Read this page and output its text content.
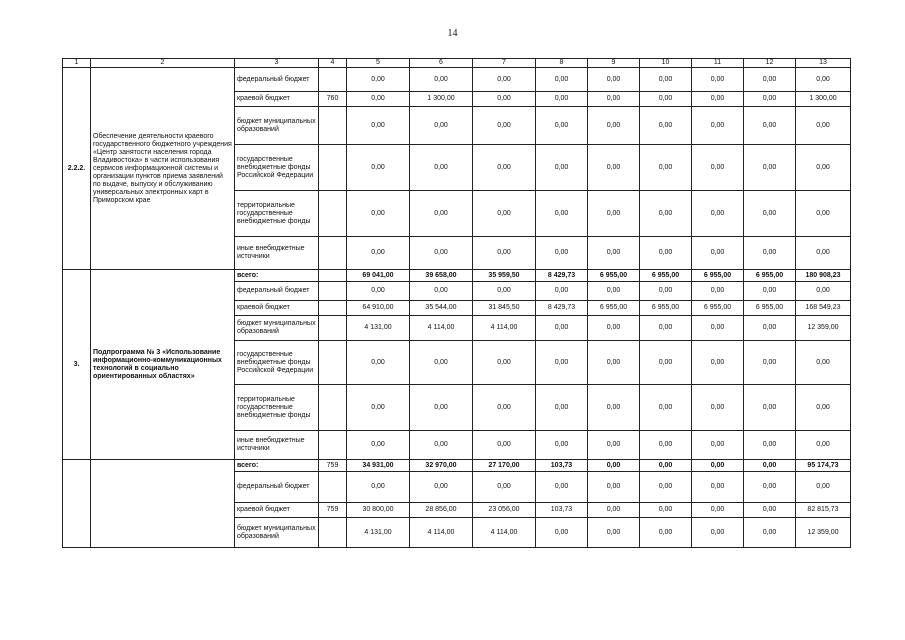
14
1	2	3	4	5	6	7	8	9	10	11	12	13
2.2.2.	Обеспечение деятельности краевого государственного бюджетного учреждения «Центр занятости населения города Владивостока» в части использования сервисов информационной системы и организации пунктов приема заявлений по выдаче, выпуску и обслуживанию универсальных электронных карт в Приморском крае	федеральный бюджет		0,00	0,00	0,00	0,00	0,00	0,00	0,00	0,00	0,00
		краевой бюджет	760	0,00	1 300,00	0,00	0,00	0,00	0,00	0,00	0,00	1 300,00
		бюджет муниципальных образований		0,00	0,00	0,00	0,00	0,00	0,00	0,00	0,00	0,00
		государственные внебюджетные фонды Российской Федерации		0,00	0,00	0,00	0,00	0,00	0,00	0,00	0,00	0,00
		территориальные государственные внебюджетные фонды		0,00	0,00	0,00	0,00	0,00	0,00	0,00	0,00	0,00
		иные внебюджетные источники		0,00	0,00	0,00	0,00	0,00	0,00	0,00	0,00	0,00
3.	Подпрограмма № 3 «Использование информационно-коммуникационных технологий в социально ориентированных областях»	всего:		69 041,00	39 658,00	35 959,50	8 429,73	6 955,00	6 955,00	6 955,00	6 955,00	180 908,23
		федеральный бюджет		0,00	0,00	0,00	0,00	0,00	0,00	0,00	0,00	0,00
		краевой бюджет		64 910,00	35 544,00	31 845,50	8 429,73	6 955,00	6 955,00	6 955,00	6 955,00	168 549,23
		бюджет муниципальных образований		4 131,00	4 114,00	4 114,00	0,00	0,00	0,00	0,00	0,00	12 359,00
		государственные внебюджетные фонды Российской Федерации		0,00	0,00	0,00	0,00	0,00	0,00	0,00	0,00	0,00
		территориальные государственные внебюджетные фонды		0,00	0,00	0,00	0,00	0,00	0,00	0,00	0,00	0,00
		иные внебюджетные источники		0,00	0,00	0,00	0,00	0,00	0,00	0,00	0,00	0,00
		всего:	759	34 931,00	32 970,00	27 170,00	103,73	0,00	0,00	0,00	0,00	95 174,73
		федеральный бюджет		0,00	0,00	0,00	0,00	0,00	0,00	0,00	0,00	0,00
		краевой бюджет	759	30 800,00	28 856,00	23 056,00	103,73	0,00	0,00	0,00	0,00	82 815,73
		бюджет муниципальных образований		4 131,00	4 114,00	4 114,00	0,00	0,00	0,00	0,00	0,00	12 359,00
